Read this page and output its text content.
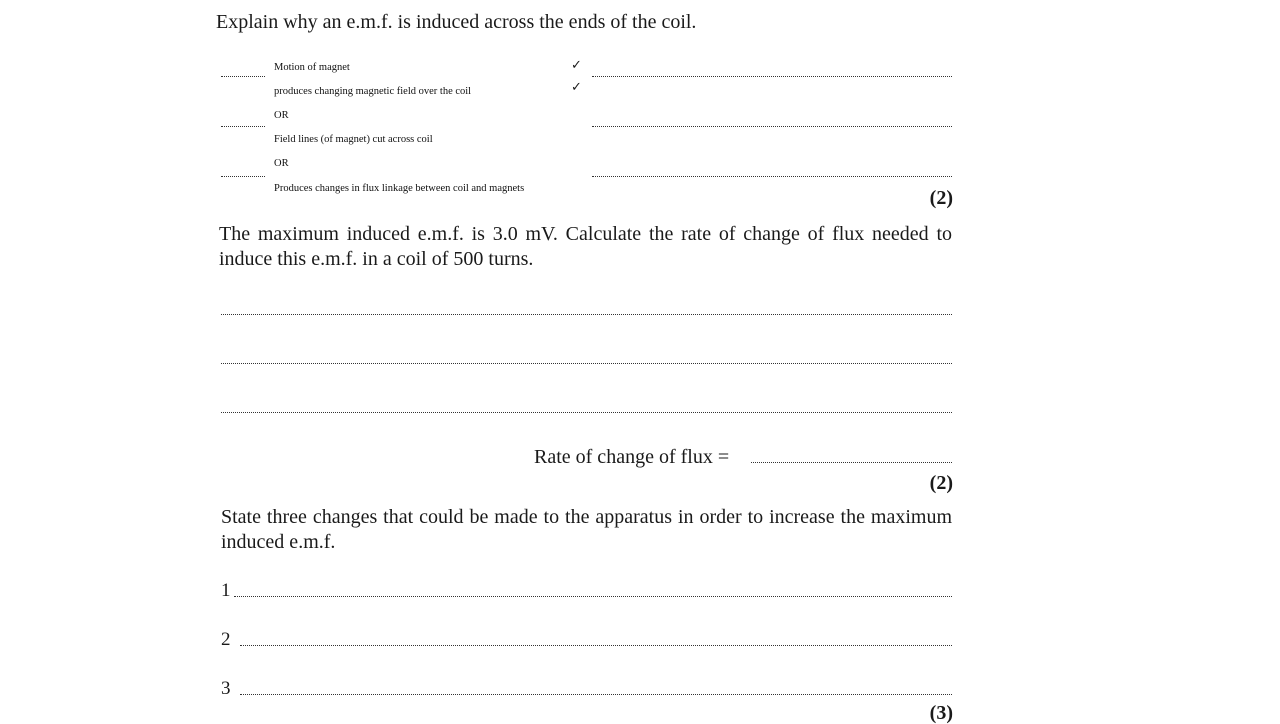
Explain why an e.m.f. is induced across the ends of the coil.
Motion of magnet
produces changing magnetic field over the coil
OR
Field lines (of magnet) cut across coil
OR
Produces changes in flux linkage between coil and magnets
✓
✓
(2)
The maximum induced e.m.f. is 3.0 mV. Calculate the rate of change of flux needed to induce this e.m.f. in a coil of 500 turns.
Rate of change of flux =
(2)
State three changes that could be made to the apparatus in order to increase the maximum induced e.m.f.
1
2
3
(3)
